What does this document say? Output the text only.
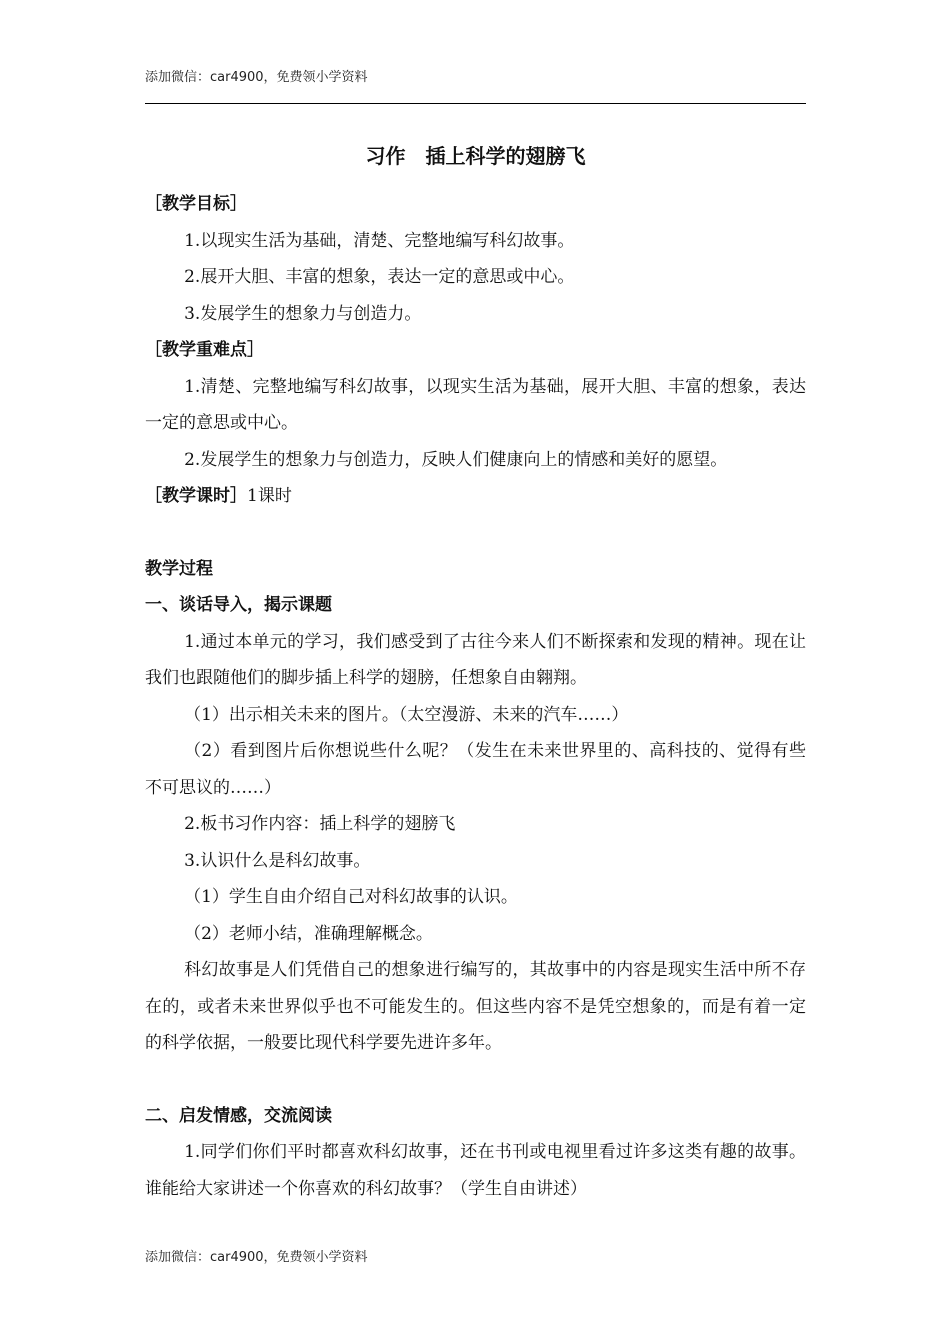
添加微信：car4900，免费领小学资料
习作　插上科学的翅膀飞

［教学目标］

1.以现实生活为基础，清楚、完整地编写科幻故事。

2.展开大胆、丰富的想象，表达一定的意思或中心。

3.发展学生的想象力与创造力。

［教学重难点］

1.清楚、完整地编写科幻故事，以现实生活为基础，展开大胆、丰富的想象，表达一定的意思或中心。

2.发展学生的想象力与创造力，反映人们健康向上的情感和美好的愿望。

［教学课时］1课时

教学过程

一、谈话导入，揭示课题

1.通过本单元的学习，我们感受到了古往今来人们不断探索和发现的精神。现在让我们也跟随他们的脚步插上科学的翅膀，任想象自由翱翔。

（1）出示相关未来的图片。（太空漫游、未来的汽车……）

（2）看到图片后你想说些什么呢？（发生在未来世界里的、高科技的、觉得有些不可思议的……）

2.板书习作内容：插上科学的翅膀飞

3.认识什么是科幻故事。

（1）学生自由介绍自己对科幻故事的认识。

（2）老师小结，准确理解概念。

科幻故事是人们凭借自己的想象进行编写的，其故事中的内容是现实生活中所不存在的，或者未来世界似乎也不可能发生的。但这些内容不是凭空想象的，而是有着一定的科学依据，一般要比现代科学要先进许多年。

二、启发情感，交流阅读

1.同学们你们平时都喜欢科幻故事，还在书刊或电视里看过许多这类有趣的故事。谁能给大家讲述一个你喜欢的科幻故事？（学生自由讲述）

添加微信：car4900，免费领小学资料
